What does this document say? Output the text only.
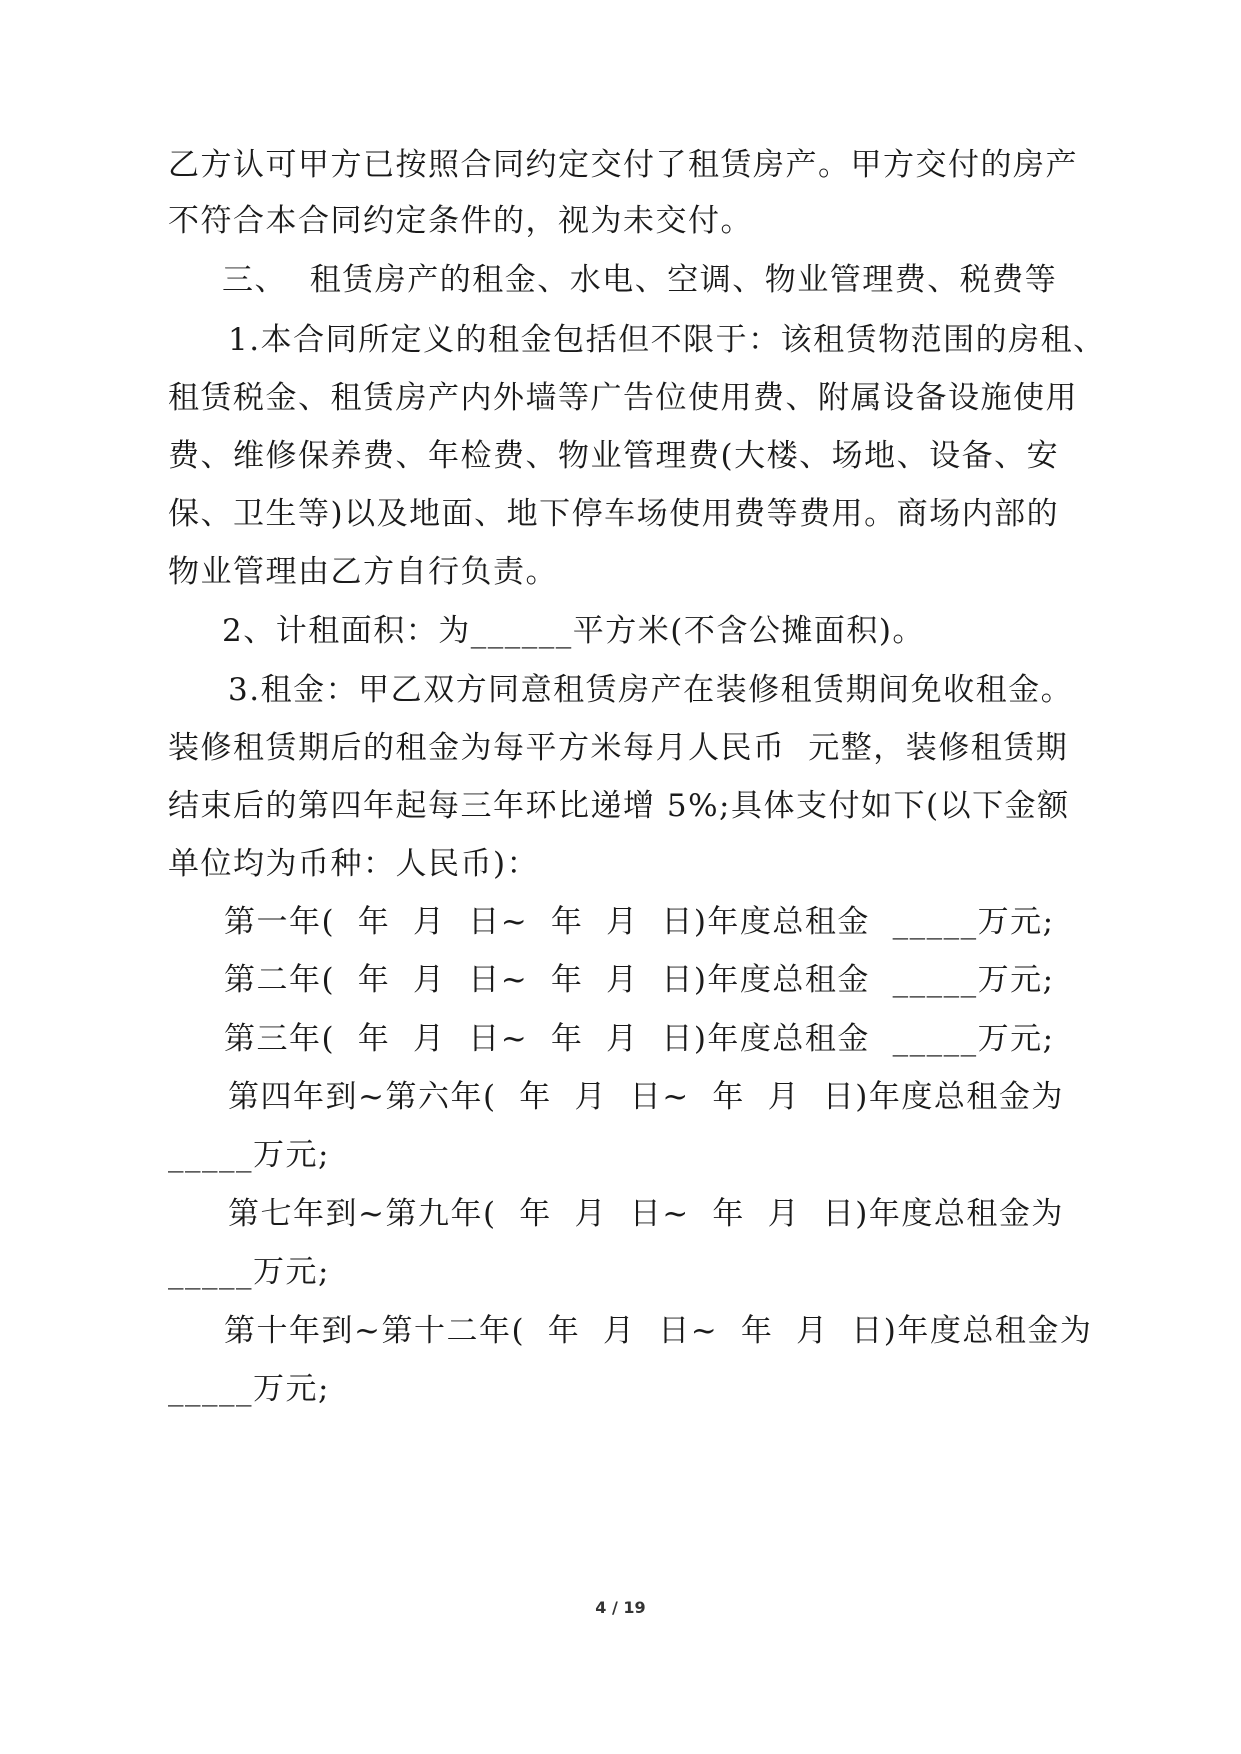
乙方认可甲方已按照合同约定交付了租赁房产。甲方交付的房产
不符合本合同约定条件的，视为未交付。
三、  租赁房产的租金、水电、空调、物业管理费、税费等
1.本合同所定义的租金包括但不限于：该租赁物范围的房租、
租赁税金、租赁房产内外墙等广告位使用费、附属设备设施使用
费、维修保养费、年检费、物业管理费(大楼、场地、设备、安
保、卫生等)以及地面、地下停车场使用费等费用。商场内部的
物业管理由乙方自行负责。
2、计租面积：为______平方米(不含公摊面积)。
3.租金：甲乙双方同意租赁房产在装修租赁期间免收租金。
装修租赁期后的租金为每平方米每月人民币  元整，装修租赁期
结束后的第四年起每三年环比递增 5%;具体支付如下(以下金额
单位均为币种：人民币)：
第一年(  年  月  日~  年  月  日)年度总租金  _____万元;
第二年(  年  月  日~  年  月  日)年度总租金  _____万元;
第三年(  年  月  日~  年  月  日)年度总租金  _____万元;
第四年到~第六年(  年  月  日~  年  月  日)年度总租金为
_____万元;
第七年到~第九年(  年  月  日~  年  月  日)年度总租金为
_____万元;
第十年到~第十二年(  年  月  日~  年  月  日)年度总租金为
_____万元;
4 / 19
